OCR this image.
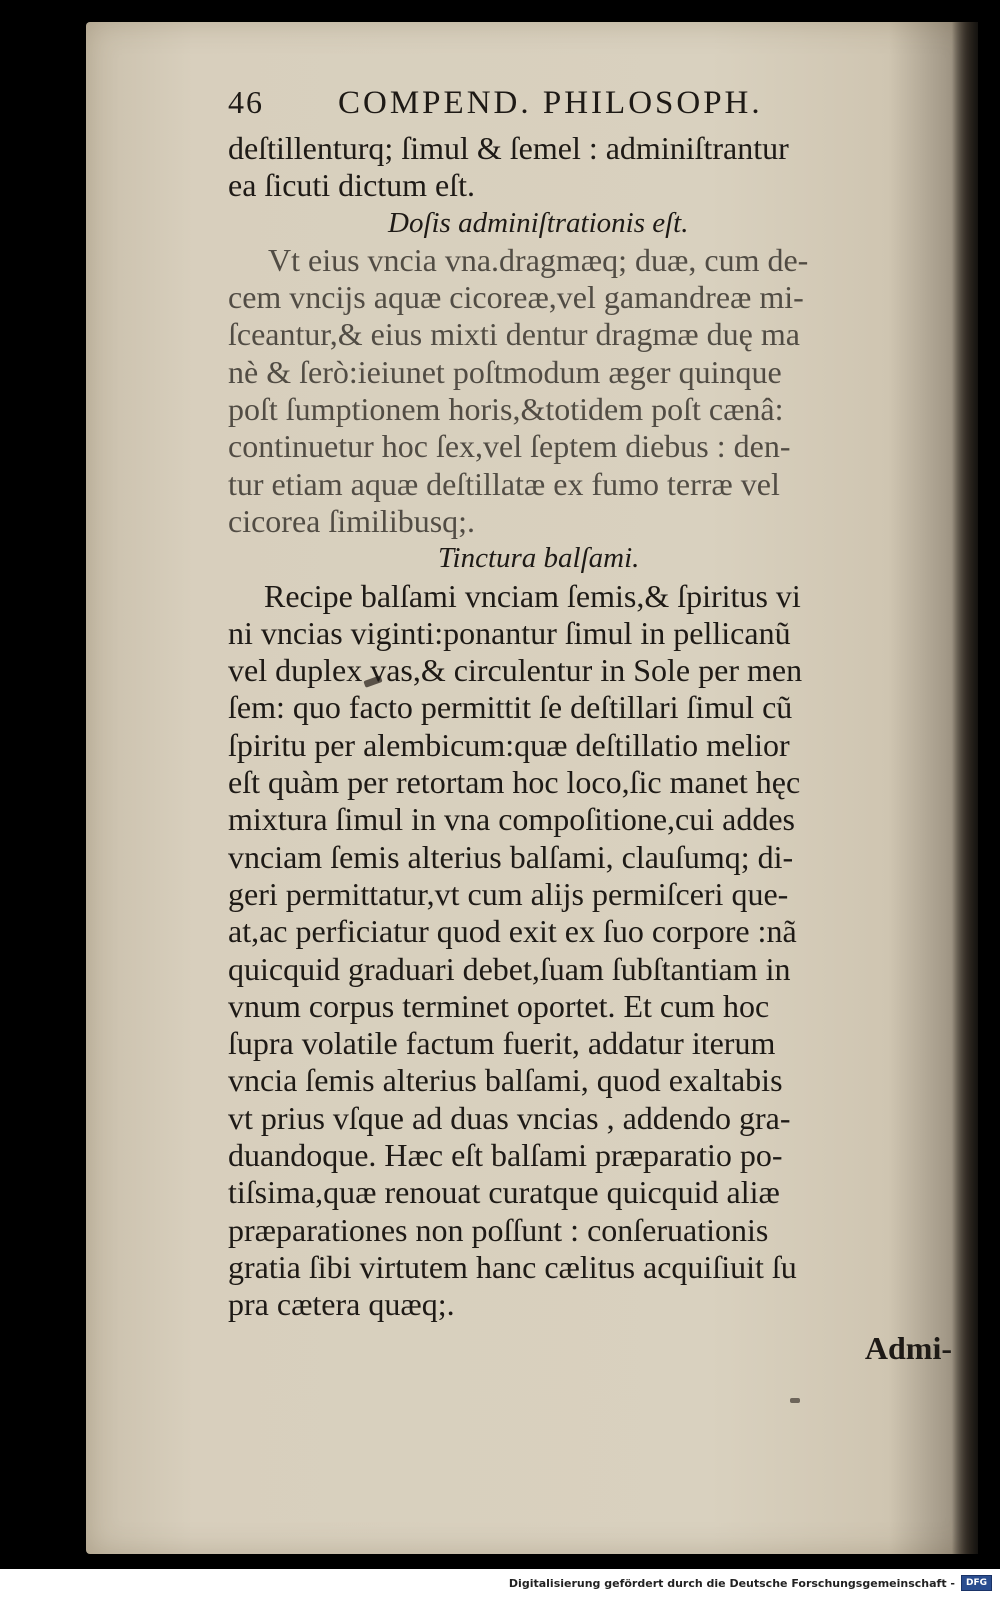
46	COMPEND. PHILOSOPH.
deſtillenturq; ſimul & ſemel : adminiſtrantur
ea ſicuti dictum eſt.
Doſis adminiſtrationis eſt.
Vt eius vncia vna.dragmæq; duæ, cum de-
cem vncijs aquæ cicoreæ,vel gamandreæ mi-
ſceantur,& eius mixti dentur dragmæ duę ma
nè & ſerò:ieiunet poſtmodum æger quinque
poſt ſumptionem horis,&totidem poſt cænâ:
continuetur hoc ſex,vel ſeptem diebus : den-
tur etiam aquæ deſtillatæ ex fumo terræ vel
cicorea ſimilibusq;.
Tinctura balſami.
Recipe balſami vnciam ſemis,& ſpiritus vi
ni vncias viginti:ponantur ſimul in pellicanũ
vel duplex vas,& circulentur in Sole per men
ſem: quo facto permittit ſe deſtillari ſimul cũ
ſpiritu per alembicum:quæ deſtillatio melior
eſt quàm per retortam hoc loco,ſic manet hęc
mixtura ſimul in vna compoſitione,cui addes
vnciam ſemis alterius balſami, clauſumq; di-
geri permittatur,vt cum alijs permiſceri que-
at,ac perficiatur quod exit ex ſuo corpore :nã
quicquid graduari debet,ſuam ſubſtantiam in
vnum corpus terminet oportet. Et cum hoc
ſupra volatile factum fuerit, addatur iterum
vncia ſemis alterius balſami, quod exaltabis
vt prius vſque ad duas vncias , addendo gra-
duandoque. Hæc eſt balſami præparatio po-
tiſsima,quæ renouat curatque quicquid aliæ
præparationes non poſſunt : conſeruationis
gratia ſibi virtutem hanc cælitus acquiſiuit ſu
pra cætera quæq;.
Admi-
Digitalisierung gefördert durch die Deutsche Forschungsgemeinschaft -	DFG
